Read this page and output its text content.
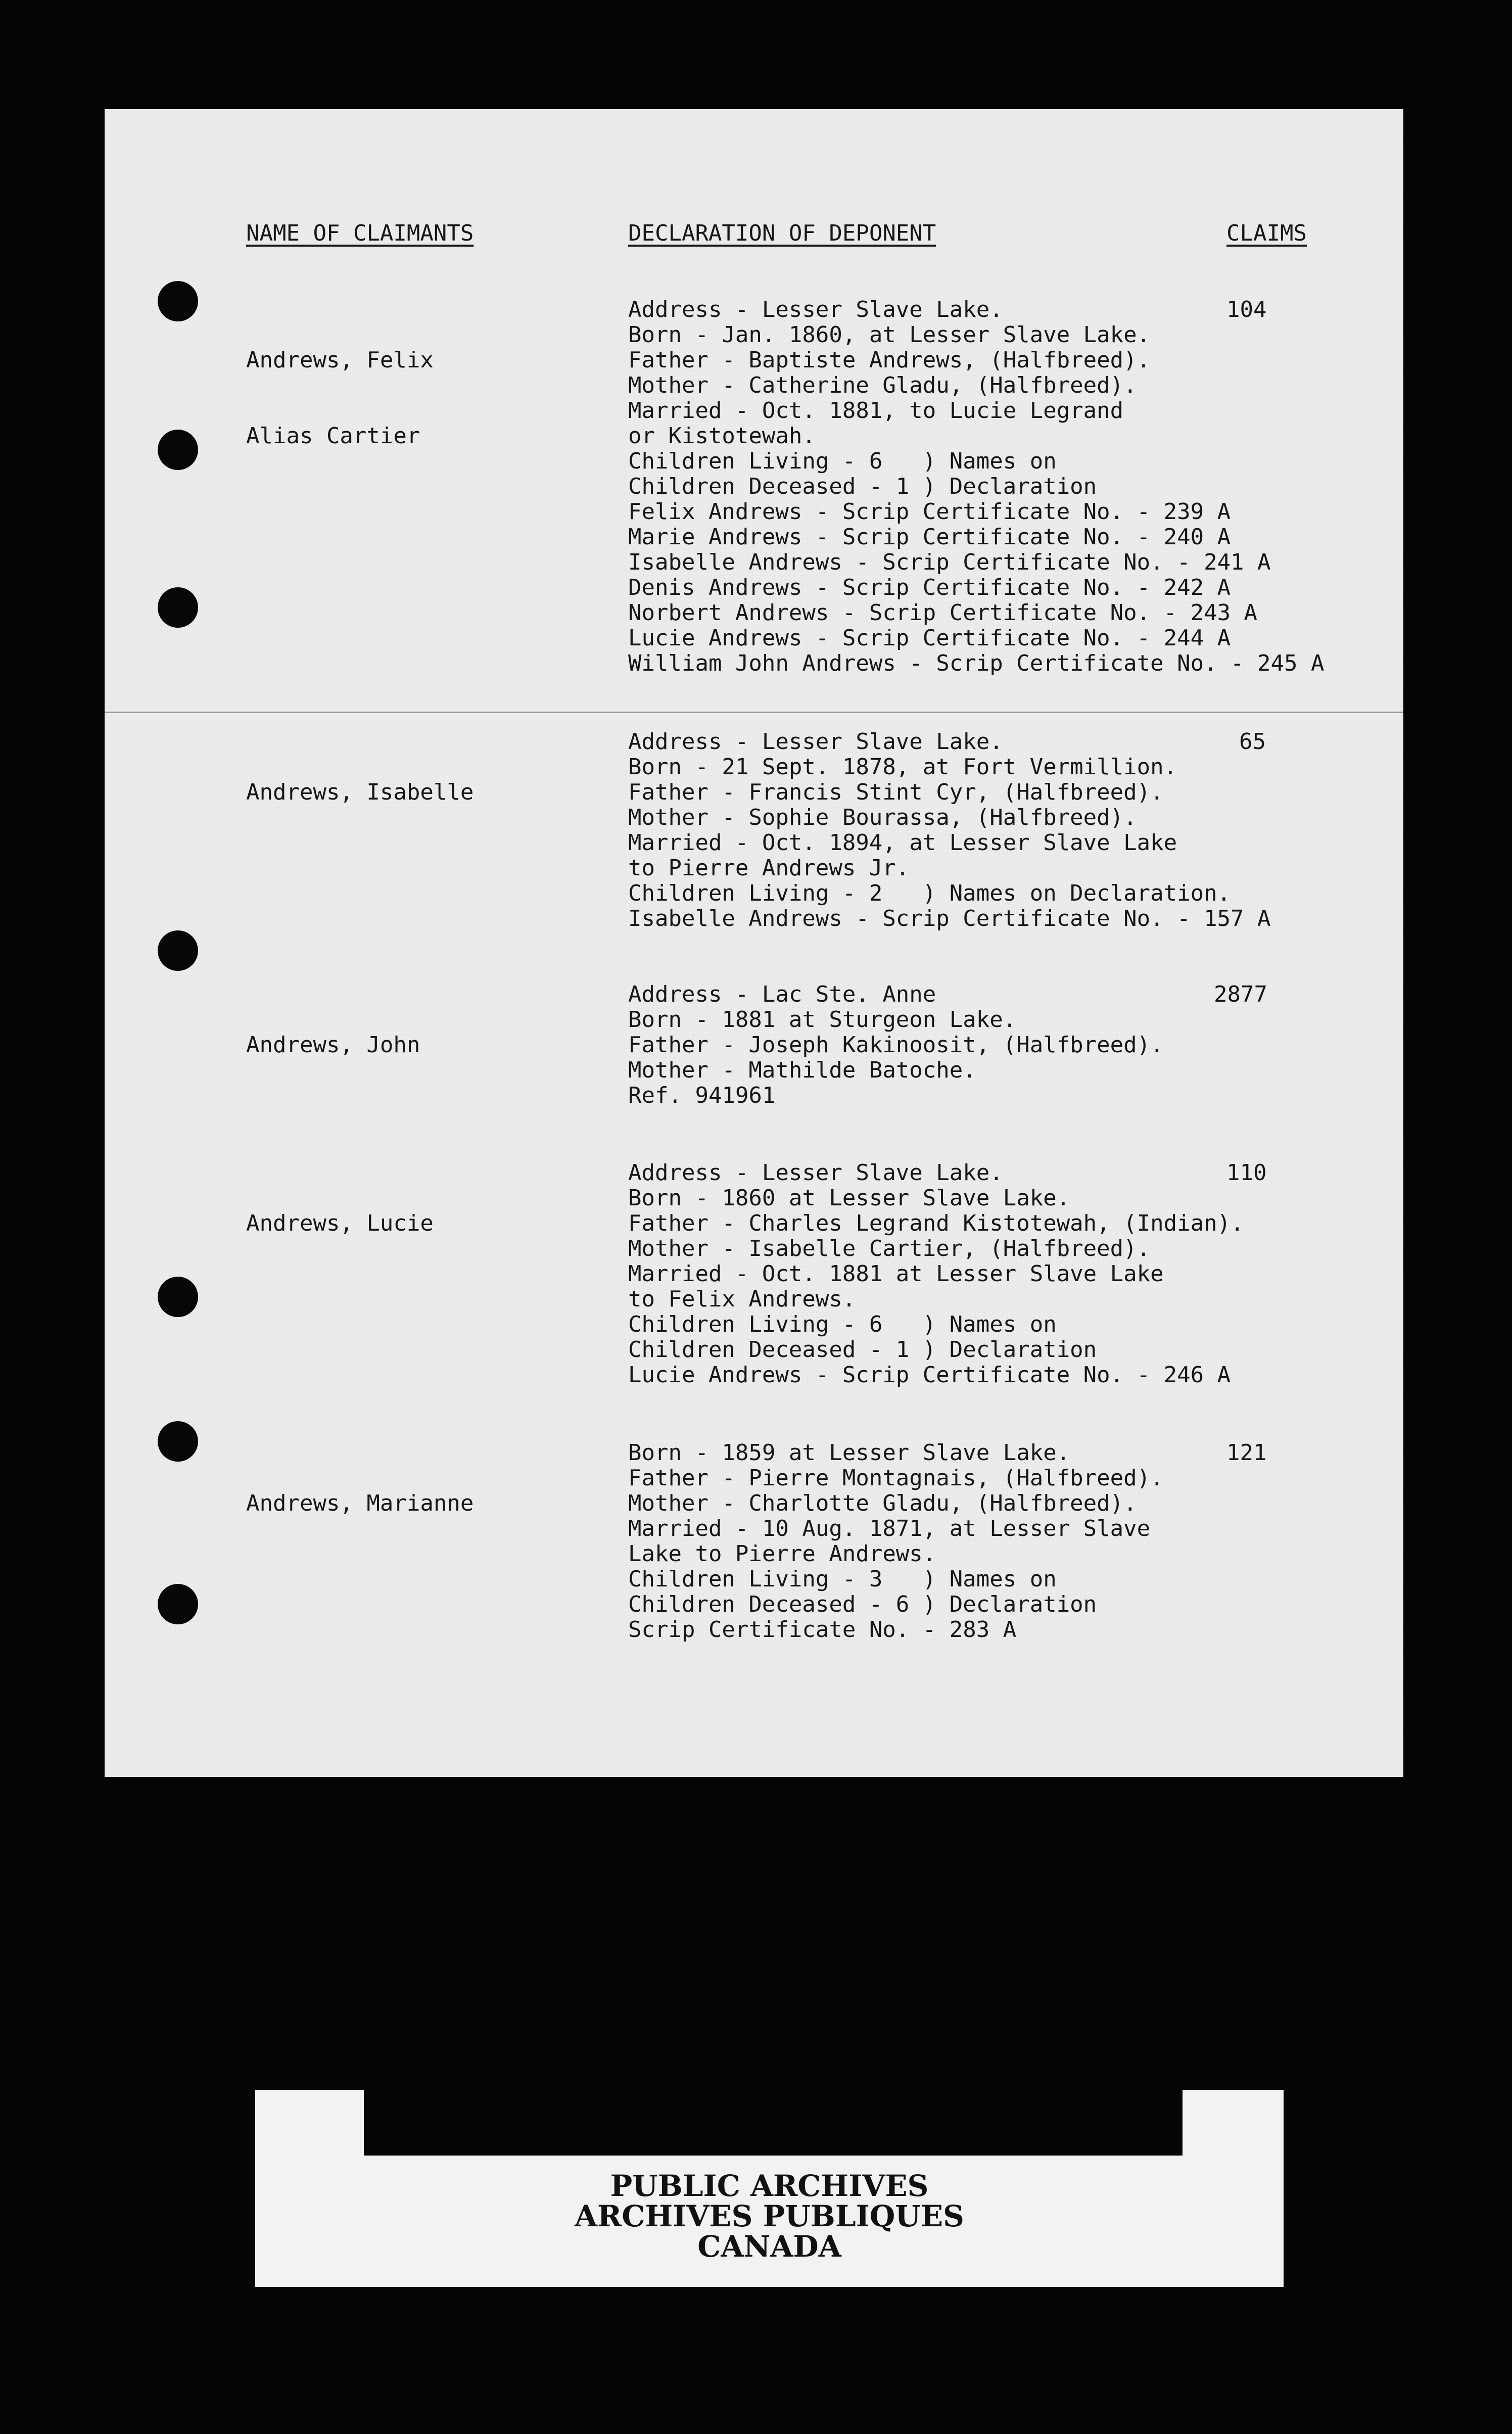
NAME OF CLAIMANTS	DECLARATION OF DEPONENT	CLAIMS

Andrews, Felix

Alias Cartier

Address - Lesser Slave Lake.
Born - Jan. 1860, at Lesser Slave Lake.
Father - Baptiste Andrews, (Halfbreed).
Mother - Catherine Gladu, (Halfbreed).
Married - Oct. 1881, to Lucie Legrand
or Kistotewah.
Children Living - 6   ) Names on
Children Deceased - 1 ) Declaration
Felix Andrews - Scrip Certificate No. - 239 A
Marie Andrews - Scrip Certificate No. - 240 A
Isabelle Andrews - Scrip Certificate No. - 241 A
Denis Andrews - Scrip Certificate No. - 242 A
Norbert Andrews - Scrip Certificate No. - 243 A
Lucie Andrews - Scrip Certificate No. - 244 A
William John Andrews - Scrip Certificate No. - 245 A
104

Andrews, Isabelle

Address - Lesser Slave Lake.
Born - 21 Sept. 1878, at Fort Vermillion.
Father - Francis Stint Cyr, (Halfbreed).
Mother - Sophie Bourassa, (Halfbreed).
Married - Oct. 1894, at Lesser Slave Lake
to Pierre Andrews Jr.
Children Living - 2   ) Names on Declaration.
Isabelle Andrews - Scrip Certificate No. - 157 A
65

Andrews, John

Address - Lac Ste. Anne
Born - 1881 at Sturgeon Lake.
Father - Joseph Kakinoosit, (Halfbreed).
Mother - Mathilde Batoche.
Ref. 941961
2877

Andrews, Lucie

Address - Lesser Slave Lake.
Born - 1860 at Lesser Slave Lake.
Father - Charles Legrand Kistotewah, (Indian).
Mother - Isabelle Cartier, (Halfbreed).
Married - Oct. 1881 at Lesser Slave Lake
to Felix Andrews.
Children Living - 6   ) Names on
Children Deceased - 1 ) Declaration
Lucie Andrews - Scrip Certificate No. - 246 A
110

Andrews, Marianne

Born - 1859 at Lesser Slave Lake.
Father - Pierre Montagnais, (Halfbreed).
Mother - Charlotte Gladu, (Halfbreed).
Married - 10 Aug. 1871, at Lesser Slave
Lake to Pierre Andrews.
Children Living - 3   ) Names on
Children Deceased - 6 ) Declaration
Scrip Certificate No. - 283 A
121
PUBLIC ARCHIVES
ARCHIVES PUBLIQUES
CANADA
